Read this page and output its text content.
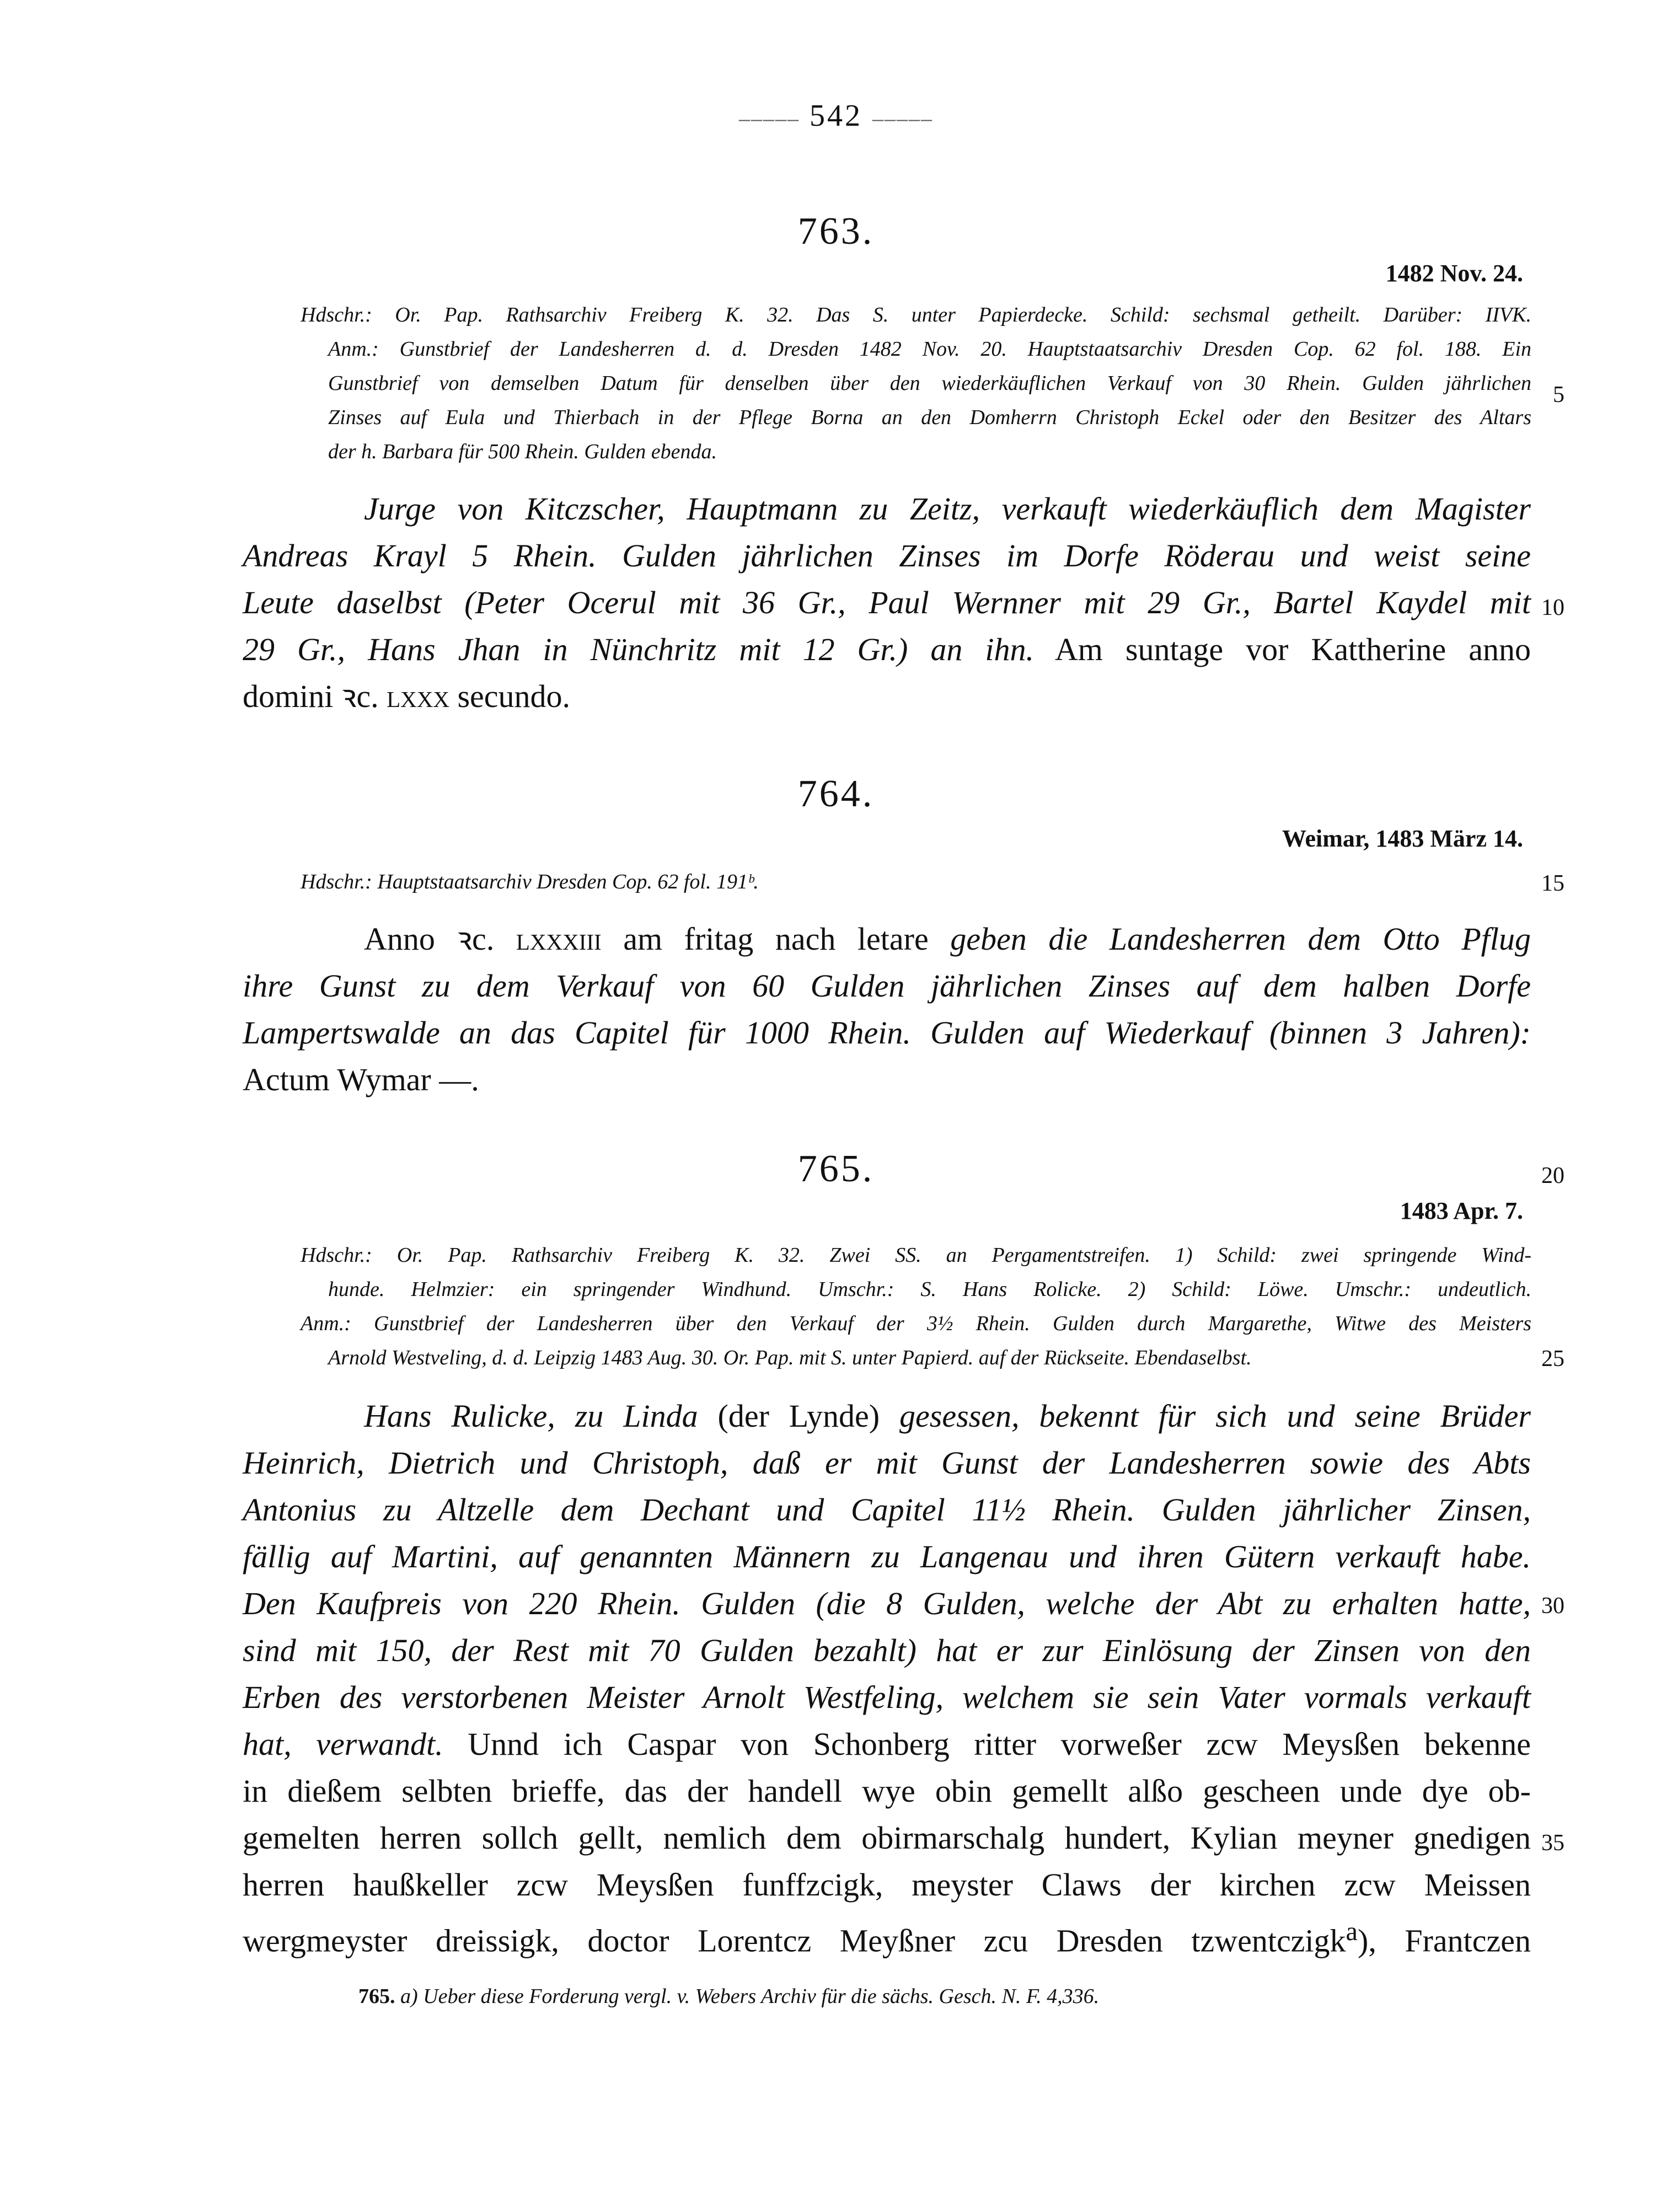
––––– 542 –––––
763.
1482 Nov. 24.
Hdschr.: Or. Pap. Rathsarchiv Freiberg K. 32. Das S. unter Papierdecke. Schild: sechsmal getheilt. Darüber: IIVK.
Anm.: Gunstbrief der Landesherren d. d. Dresden 1482 Nov. 20. Hauptstaatsarchiv Dresden Cop. 62 fol. 188. Ein
Gunstbrief von demselben Datum für denselben über den wiederkäuflichen Verkauf von 30 Rhein. Gulden jährlichen
Zinses auf Eula und Thierbach in der Pflege Borna an den Domherrn Christoph Eckel oder den Besitzer des Altars
der h. Barbara für 500 Rhein. Gulden ebenda.
Jurge von Kitczscher, Hauptmann zu Zeitz, verkauft wiederkäuflich dem Magister
Andreas Krayl 5 Rhein. Gulden jährlichen Zinses im Dorfe Röderau und weist seine
Leute daselbst (Peter Ocerul mit 36 Gr., Paul Wernner mit 29 Gr., Bartel Kaydel mit
29 Gr., Hans Jhan in Nünchritz mit 12 Gr.) an ihn. Am suntage vor Kattherine anno
domini ꝛc. lxxx secundo.
764.
Weimar, 1483 März 14.
Hdschr.: Hauptstaatsarchiv Dresden Cop. 62 fol. 191ᵇ.
Anno ꝛc. lxxxiii am fritag nach letare geben die Landesherren dem Otto Pflug
ihre Gunst zu dem Verkauf von 60 Gulden jährlichen Zinses auf dem halben Dorfe
Lampertswalde an das Capitel für 1000 Rhein. Gulden auf Wiederkauf (binnen 3 Jahren):
Actum Wymar —.
765.
1483 Apr. 7.
Hdschr.: Or. Pap. Rathsarchiv Freiberg K. 32. Zwei SS. an Pergamentstreifen. 1) Schild: zwei springende Wind-
hunde. Helmzier: ein springender Windhund. Umschr.: S. Hans Rolicke. 2) Schild: Löwe. Umschr.: undeutlich.
Anm.: Gunstbrief der Landesherren über den Verkauf der 3½ Rhein. Gulden durch Margarethe, Witwe des Meisters
Arnold Westveling, d. d. Leipzig 1483 Aug. 30. Or. Pap. mit S. unter Papierd. auf der Rückseite. Ebendaselbst.
Hans Rulicke, zu Linda (der Lynde) gesessen, bekennt für sich und seine Brüder
Heinrich, Dietrich und Christoph, daß er mit Gunst der Landesherren sowie des Abts
Antonius zu Altzelle dem Dechant und Capitel 11½ Rhein. Gulden jährlicher Zinsen,
fällig auf Martini, auf genannten Männern zu Langenau und ihren Gütern verkauft habe.
Den Kaufpreis von 220 Rhein. Gulden (die 8 Gulden, welche der Abt zu erhalten hatte,
sind mit 150, der Rest mit 70 Gulden bezahlt) hat er zur Einlösung der Zinsen von den
Erben des verstorbenen Meister Arnolt Westfeling, welchem sie sein Vater vormals verkauft
hat, verwandt. Unnd ich Caspar von Schonberg ritter vorweßer zcw Meysßen bekenne
in dießem selbten brieffe, das der handell wye obin gemellt alßo gescheen unde dye ob-
gemelten herren sollch gellt, nemlich dem obirmarschalg hundert, Kylian meyner gnedigen
herren haußkeller zcw Meysßen funffzcigk, meyster Claws der kirchen zcw Meissen
wergmeyster dreissigk, doctor Lorentcz Meyßner zcu Dresden tzwentczigk$^a$), Frantczen
5
10
15
20
25
30
35
765. a) Ueber diese Forderung vergl. v. Webers Archiv für die sächs. Gesch. N. F. 4,336.
